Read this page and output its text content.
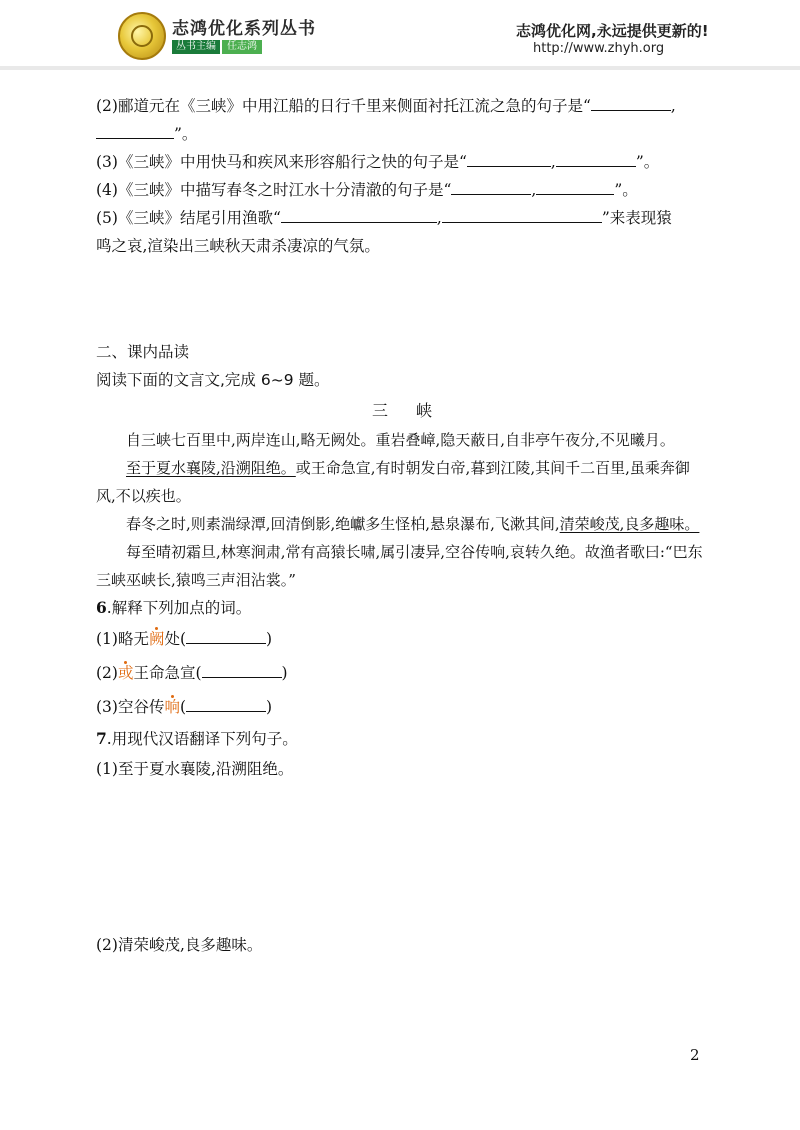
志鸿优化系列丛书
丛书主编 任志鸿
志鸿优化网,永远提供更新的!
http://www.zhyh.org

(2)郦道元在《三峡》中用江船的日行千里来侧面衬托江流之急的句子是“	,

”。

(3)《三峡》中用快马和疾风来形容船行之快的句子是“	,	”。

(4)《三峡》中描写春冬之时江水十分清澈的句子是“	,	”。

(5)《三峡》结尾引用渔歌“	,	”来表现猿

鸣之哀,渲染出三峡秋天肃杀凄凉的气氛。

二、课内品读

阅读下面的文言文,完成 6~9 题。

三峡

自三峡七百里中,两岸连山,略无阙处。重岩叠嶂,隐天蔽日,自非亭午夜分,不见曦月。

至于夏水襄陵,沿溯阻绝。或王命急宣,有时朝发白帝,暮到江陵,其间千二百里,虽乘奔御风,不以疾也。

春冬之时,则素湍绿潭,回清倒影,绝巘多生怪柏,悬泉瀑布,飞漱其间,清荣峻茂,良多趣味。

每至晴初霜旦,林寒涧肃,常有高猿长啸,属引凄异,空谷传响,哀转久绝。故渔者歌曰:“巴东三峡巫峡长,猿鸣三声泪沾裳。”

6.解释下列加点的词。

(1)略无阙处(	)

(2)或王命急宣(	)

(3)空谷传响(	)

7.用现代汉语翻译下列句子。

(1)至于夏水襄陵,沿溯阻绝。

(2)清荣峻茂,良多趣味。

2
